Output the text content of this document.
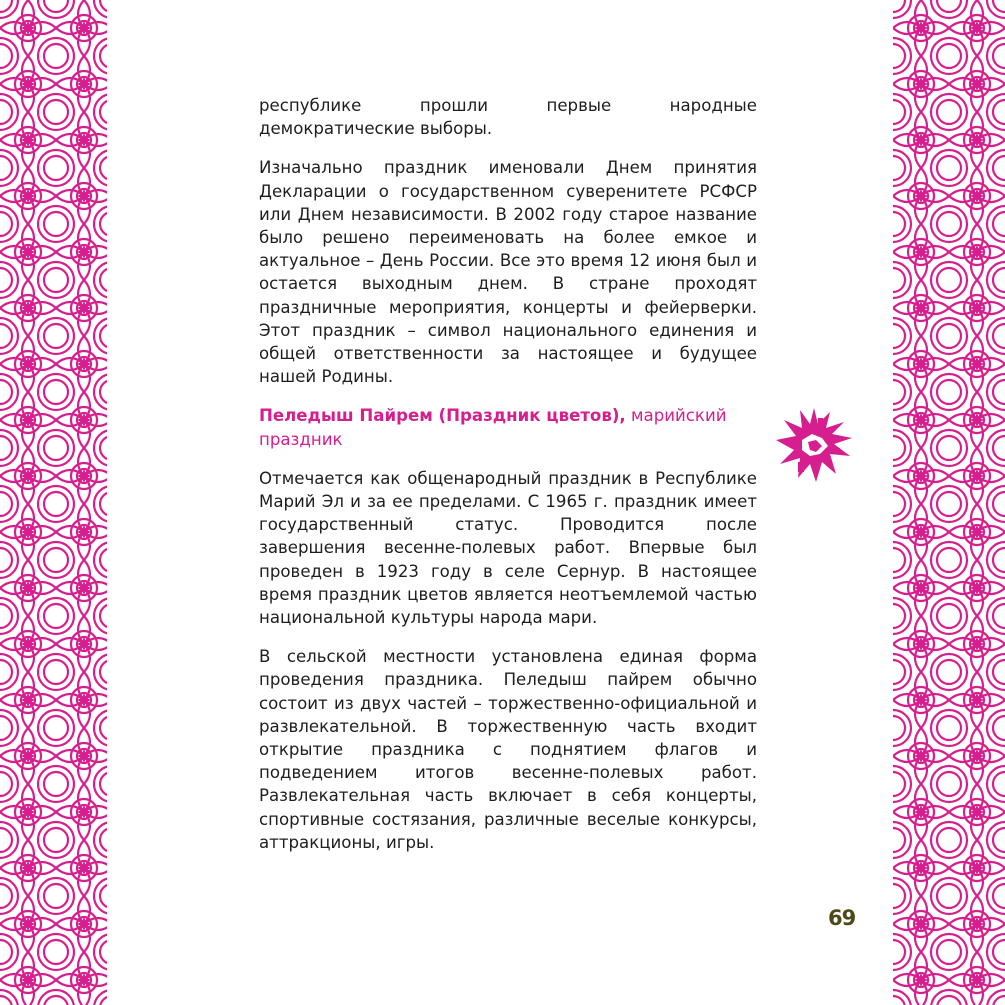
республике прошли первые народные демократические выборы.

Изначально праздник именовали Днем принятия Декларации о государственном суверенитете РСФСР или Днем независимости. В 2002 году старое название было решено переименовать на более емкое и актуальное – День России. Все это время 12 июня был и остается выходным днем. В стране проходят праздничные мероприятия, концерты и фейерверки. Этот праздник – символ национального единения и общей ответственности за настоящее и будущее нашей Родины.

Пеледыш Пайрем (Праздник цветов), марийский праздник

Отмечается как общенародный праздник в Республике Марий Эл и за ее пределами. С 1965 г. праздник имеет государственный статус. Проводится после завершения весенне-полевых работ. Впервые был проведен в 1923 году в селе Сернур. В настоящее время праздник цветов является неотъемлемой частью национальной культуры народа мари.

В сельской местности установлена единая форма проведения праздника. Пеледыш пайрем обычно состоит из двух частей – торжественно-официальной и развлекательной. В торжественную часть входит открытие праздника с поднятием флагов и подведением итогов весенне-полевых работ. Развлекательная часть включает в себя концерты, спортивные состязания, различные веселые конкурсы, аттракционы, игры.

69
